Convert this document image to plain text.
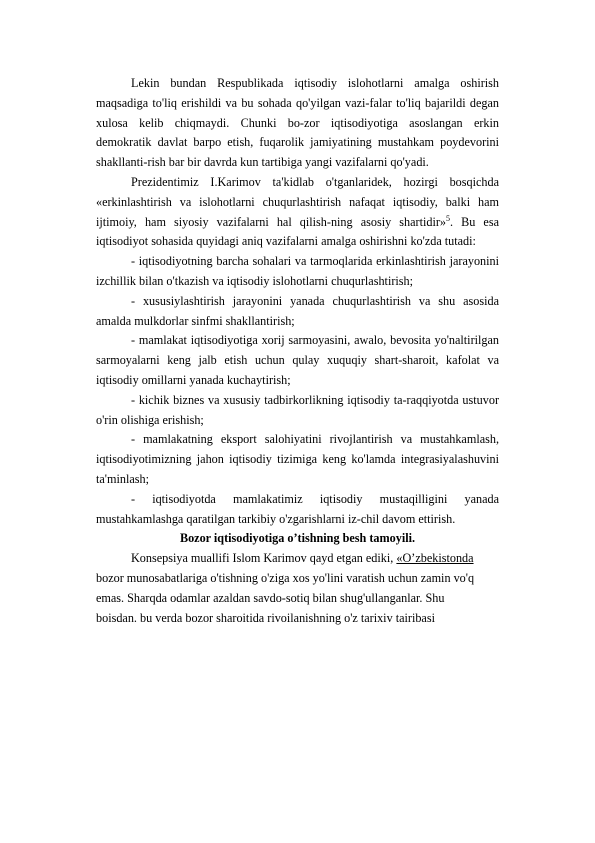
Lekin bundan Respublikada iqtisodiy islohotlarni amalga oshirish maqsadiga to'liq erishildi va bu sohada qo'yilgan vazi-falar to'liq bajarildi degan xulosa kelib chiqmaydi. Chunki bo-zor iqtisodiyotiga asoslangan erkin demokratik davlat barpo etish, fuqarolik jamiyatining mustahkam poydevorini shakllanti-rish bar bir davrda kun tartibiga yangi vazifalarni qo'yadi.

Prezidentimiz I.Karimov ta'kidlab o'tganlaridek, hozirgi bosqichda «erkinlashtirish va islohotlarni chuqurlashtirish nafaqat iqtisodiy, balki ham ijtimoiy, ham siyosiy vazifalarni hal qilish-ning asosiy shartidir»$^5$. Bu esa iqtisodiyot sohasida quyidagi aniq vazifalarni amalga oshirishni ko'zda tutadi:

- iqtisodiyotning barcha sohalari va tarmoqlarida erkinlashtirish jarayonini izchillik bilan o'tkazish va iqtisodiy islohotlarni chuqurlashtirish;

- xususiylashtirish jarayonini yanada chuqurlashtirish va shu asosida amalda mulkdorlar sinfmi shakllantirish;

- mamlakat iqtisodiyotiga xorij sarmoyasini, awalo, bevosita yo'naltirilgan sarmoyalarni keng jalb etish uchun qulay xuquqiy shart-sharoit, kafolat va iqtisodiy omillarni yanada kuchaytirish;

- kichik biznes va xususiy tadbirkorlikning iqtisodiy ta-raqqiyotda ustuvor o'rin olishiga erishish;

- mamlakatning eksport salohiyatini rivojlantirish va mustahkamlash, iqtisodiyotimizning jahon iqtisodiy tizimiga keng ko'lamda integrasiyalashuvini ta'minlash;

- iqtisodiyotda mamlakatimiz iqtisodiy mustaqilligini yanada mustahkamlashga qaratilgan tarkibiy o'zgarishlarni iz-chil davom ettirish.

Bozor iqtisodiyotiga o’tishning besh tamoyili.

Konsepsiya muallifi Islom Karimov qayd etgan ediki, «O’zbekistonda

bozor munosabatlariga o'tishning o'ziga xos yo'lini varatish uchun zamin vo'q

emas. Sharqda odamlar azaldan savdo-sotiq bilan shug'ullanganlar. Shu

boisdan. bu verda bozor sharoitida rivoilanishning o'z tarixiv tairibasi
